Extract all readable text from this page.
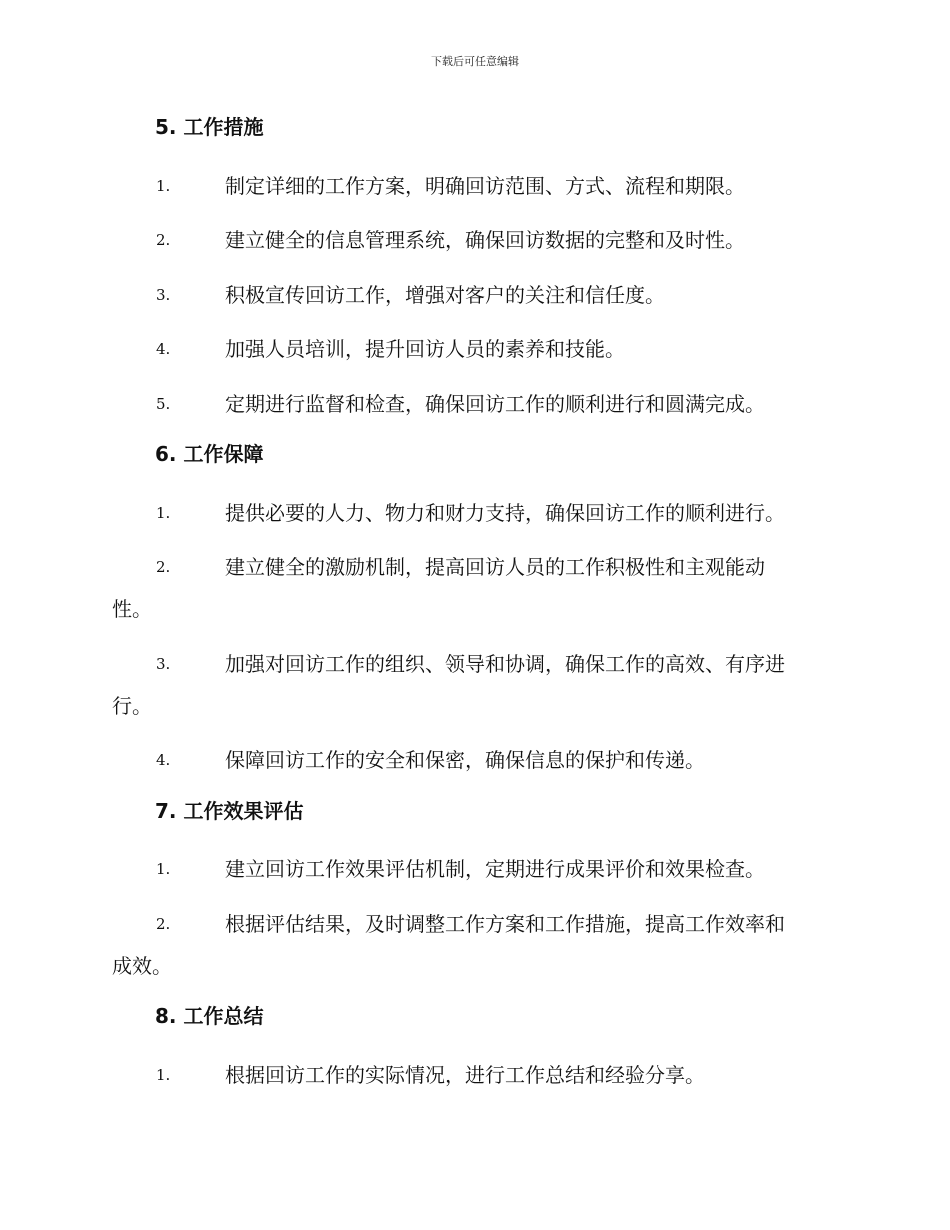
下载后可任意编辑
5. 工作措施

1.	制定详细的工作方案，明确回访范围、方式、流程和期限。

2.	建立健全的信息管理系统，确保回访数据的完整和及时性。

3.	积极宣传回访工作，增强对客户的关注和信任度。

4.	加强人员培训，提升回访人员的素养和技能。

5.	定期进行监督和检查，确保回访工作的顺利进行和圆满完成。

6. 工作保障

1.	提供必要的人力、物力和财力支持，确保回访工作的顺利进行。

2.	建立健全的激励机制，提高回访人员的工作积极性和主观能动
性。

3.	加强对回访工作的组织、领导和协调，确保工作的高效、有序进
行。

4.	保障回访工作的安全和保密，确保信息的保护和传递。

7. 工作效果评估

1.	建立回访工作效果评估机制，定期进行成果评价和效果检查。

2.	根据评估结果，及时调整工作方案和工作措施，提高工作效率和
成效。

8. 工作总结

1.	根据回访工作的实际情况，进行工作总结和经验分享。
